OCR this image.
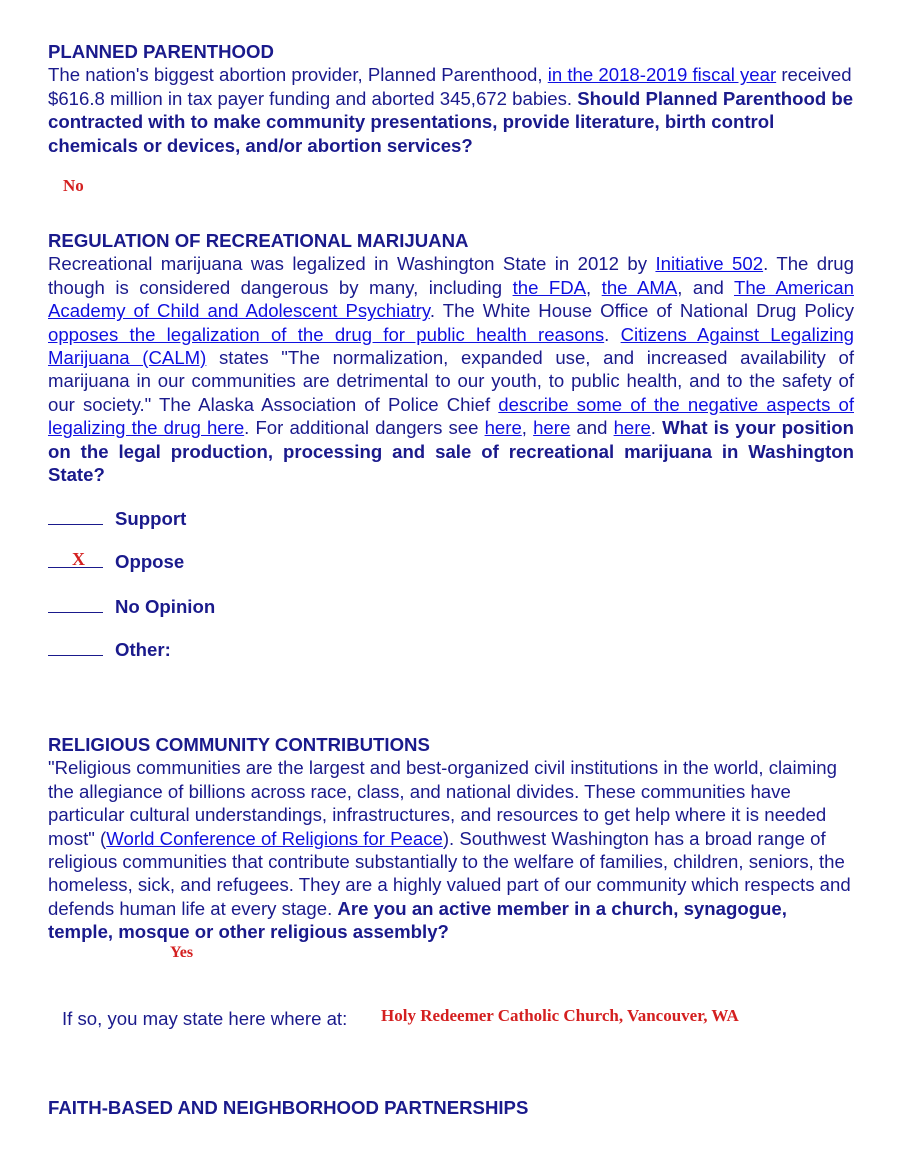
PLANNED PARENTHOOD
The nation's biggest abortion provider, Planned Parenthood, in the 2018-2019 fiscal year received $616.8 million in tax payer funding and aborted 345,672 babies. Should Planned Parenthood be contracted with to make community presentations, provide literature, birth control chemicals or devices, and/or abortion services?
No
REGULATION OF RECREATIONAL MARIJUANA
Recreational marijuana was legalized in Washington State in 2012 by Initiative 502. The drug though is considered dangerous by many, including the FDA, the AMA, and The American Academy of Child and Adolescent Psychiatry. The White House Office of National Drug Policy opposes the legalization of the drug for public health reasons. Citizens Against Legalizing Marijuana (CALM) states "The normalization, expanded use, and increased availability of marijuana in our communities are detrimental to our youth, to public health, and to the safety of our society." The Alaska Association of Police Chief describe some of the negative aspects of legalizing the drug here. For additional dangers see here, here and here. What is your position on the legal production, processing and sale of recreational marijuana in Washington State?
Support
Oppose
X
No Opinion
Other:
RELIGIOUS COMMUNITY CONTRIBUTIONS
"Religious communities are the largest and best-organized civil institutions in the world, claiming the allegiance of billions across race, class, and national divides. These communities have particular cultural understandings, infrastructures, and resources to get help where it is needed most" (World Conference of Religions for Peace). Southwest Washington has a broad range of religious communities that contribute substantially to the welfare of families, children, seniors, the homeless, sick, and refugees. They are a highly valued part of our community which respects and defends human life at every stage. Are you an active member in a church, synagogue, temple, mosque or other religious assembly?
Yes
If so, you may state here where at: Holy Redeemer Catholic Church, Vancouver, WA
FAITH-BASED AND NEIGHBORHOOD PARTNERSHIPS
